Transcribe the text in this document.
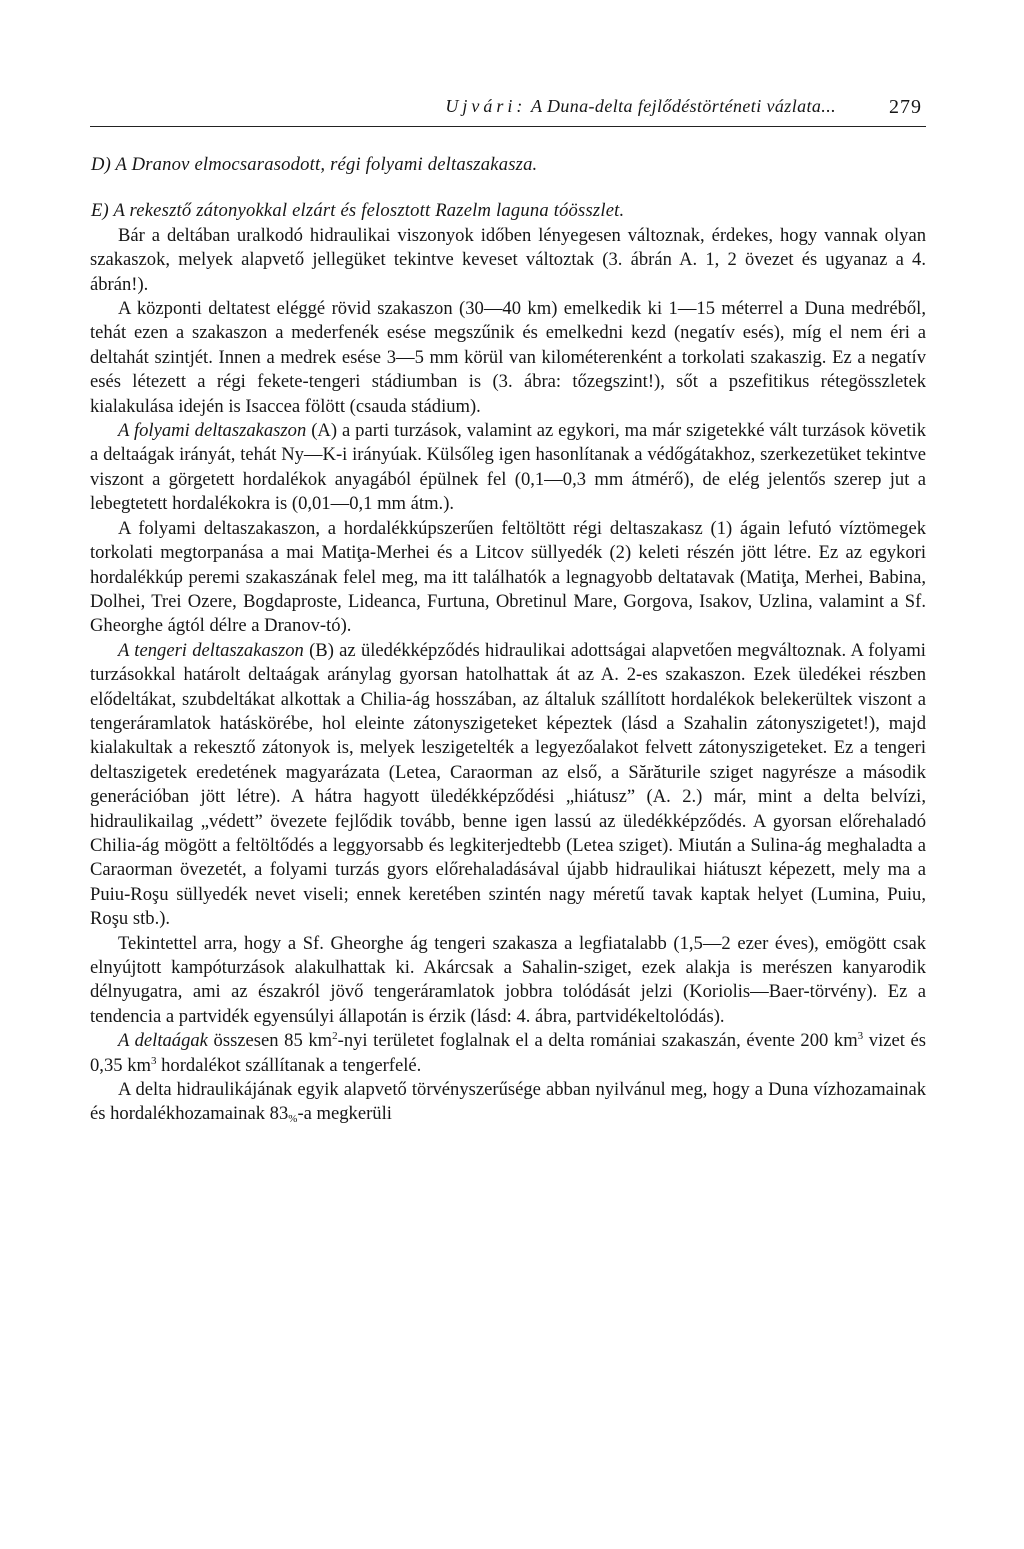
Ujvári: A Duna-delta fejlődéstörténeti vázlata...	279

D) A Dranov elmocsarasodott, régi folyami deltaszakasza.

E) A rekesztő zátonyokkal elzárt és felosztott Razelm laguna tóösszlet.

Bár a deltában uralkodó hidraulikai viszonyok időben lényegesen változnak, érdekes, hogy vannak olyan szakaszok, melyek alapvető jellegüket tekintve keveset változtak (3. ábrán A. 1, 2 övezet és ugyanaz a 4. ábrán!).

A központi deltatest eléggé rövid szakaszon (30—40 km) emelkedik ki 1—15 méterrel a Duna medréből, tehát ezen a szakaszon a mederfenék esése megszűnik és emelkedni kezd (negatív esés), míg el nem éri a deltahát szintjét. Innen a medrek esése 3—5 mm körül van kilométerenként a torkolati szakaszig. Ez a negatív esés létezett a régi fekete-tengeri stádiumban is (3. ábra: tőzegszint!), sőt a pszefitikus rétegösszletek kialakulása idején is Isaccea fölött (csauda stádium).

A folyami deltaszakaszon (A) a parti turzások, valamint az egykori, ma már szigetekké vált turzások követik a deltaágak irányát, tehát Ny—K-i irányúak. Külsőleg igen hasonlítanak a védőgátakhoz, szerkezetüket tekintve viszont a görgetett hordalékok anyagából épülnek fel (0,1—0,3 mm átmérő), de elég jelentős szerep jut a lebegtetett hordalékokra is (0,01—0,1 mm átm.).

A folyami deltaszakaszon, a hordalékkúpszerűen feltöltött régi deltaszakasz (1) ágain lefutó víztömegek torkolati megtorpanása a mai Matiţa-Merhei és a Litcov süllyedék (2) keleti részén jött létre. Ez az egykori hordalékkúp peremi szakaszának felel meg, ma itt találhatók a legnagyobb deltatavak (Matiţa, Merhei, Babina, Dolhei, Trei Ozere, Bogdaproste, Lideanca, Furtuna, Obretinul Mare, Gorgova, Isakov, Uzlina, valamint a Sf. Gheorghe ágtól délre a Dranov-tó).

A tengeri deltaszakaszon (B) az üledékképződés hidraulikai adottságai alapvetően megváltoznak. A folyami turzásokkal határolt deltaágak aránylag gyorsan hatolhattak át az A. 2-es szakaszon. Ezek üledékei részben elődeltákat, szubdeltákat alkottak a Chilia-ág hosszában, az általuk szállított hordalékok belekerültek viszont a tengeráramlatok hatáskörébe, hol eleinte zátonyszigeteket képeztek (lásd a Szahalin zátonyszigetet!), majd kialakultak a rekesztő zátonyok is, melyek leszigetelték a legyezőalakot felvett zátonyszigeteket. Ez a tengeri deltaszigetek eredetének magyarázata (Letea, Caraorman az első, a Sărăturile sziget nagyrésze a második generációban jött létre). A hátra hagyott üledékképződési „hiátusz” (A. 2.) már, mint a delta belvízi, hidraulikailag „védett” övezete fejlődik tovább, benne igen lassú az üledékképződés. A gyorsan előrehaladó Chilia-ág mögött a feltöltődés a leggyorsabb és legkiterjedtebb (Letea sziget). Miután a Sulina-ág meghaladta a Caraorman övezetét, a folyami turzás gyors előrehaladásával újabb hidraulikai hiátuszt képezett, mely ma a Puiu-Roşu süllyedék nevet viseli; ennek keretében szintén nagy méretű tavak kaptak helyet (Lumina, Puiu, Roşu stb.).

Tekintettel arra, hogy a Sf. Gheorghe ág tengeri szakasza a legfiatalabb (1,5—2 ezer éves), emögött csak elnyújtott kampóturzások alakulhattak ki. Akárcsak a Sahalin-sziget, ezek alakja is merészen kanyarodik délnyugatra, ami az északról jövő tengeráramlatok jobbra tolódását jelzi (Koriolis—Baer-törvény). Ez a tendencia a partvidék egyensúlyi állapotán is érzik (lásd: 4. ábra, partvidékeltolódás).

A deltaágak összesen 85 $km^2$-nyi területet foglalnak el a delta romániai szakaszán, évente 200 $km^3$ vizet és 0,35 $km^3$ hordalékot szállítanak a tengerfelé.

A delta hidraulikájának egyik alapvető törvényszerűsége abban nyilvánul meg, hogy a Duna vízhozamainak és hordalékhozamainak $83_{\%}-a$ megkerüli
